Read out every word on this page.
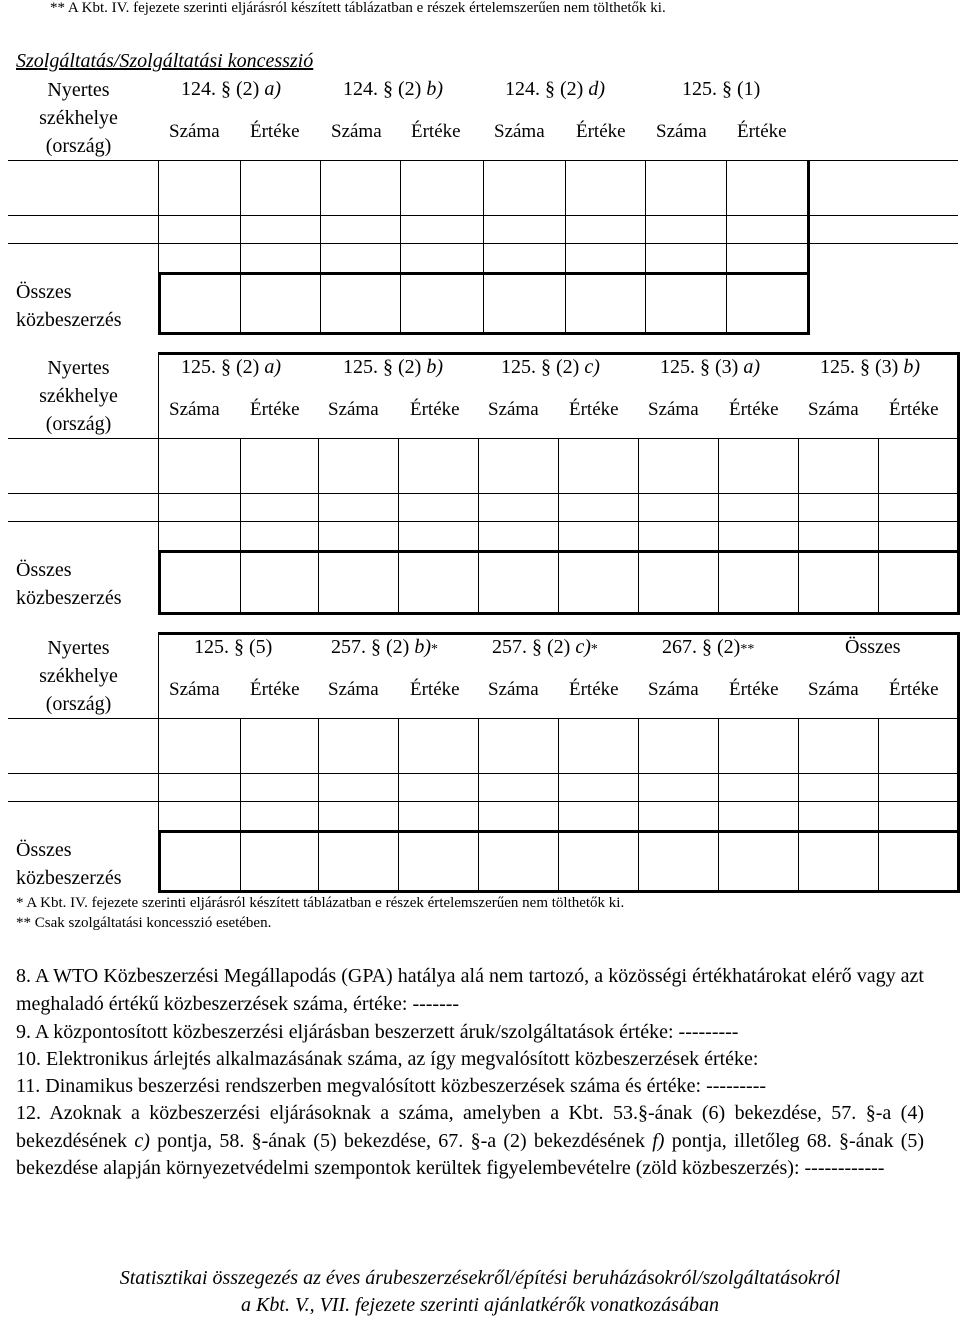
** A Kbt. IV. fejezete szerinti eljárásról készített táblázatban e részek értelemszerűen nem tölthetők ki.
Szolgáltatás/Szolgáltatási koncesszió
Nyertes
székhelye
(ország)
124. § (2) a)	124. § (2) b)	124. § (2) d)	125. § (1)
Száma Értéke Száma Értéke Száma Értéke Száma Értéke
Összes
közbeszerzés
Nyertes
székhelye
(ország)
125. § (2) a)	125. § (2) b)	125. § (2) c)	125. § (3) a)	125. § (3) b)
Száma Értéke Száma Értéke Száma Értéke Száma Értéke Száma Értéke
Összes
közbeszerzés
Nyertes
székhelye
(ország)
125. § (5)	257. § (2) b)*	257. § (2) c)*	267. § (2)**	Összes
Száma Értéke Száma Értéke Száma Értéke Száma Értéke Száma Értéke
Összes
közbeszerzés
* A Kbt. IV. fejezete szerinti eljárásról készített táblázatban e részek értelemszerűen nem tölthetők ki.
** Csak szolgáltatási koncesszió esetében.
8. A WTO Közbeszerzési Megállapodás (GPA) hatálya alá nem tartozó, a közösségi értékhatárokat elérő vagy azt meghaladó értékű közbeszerzések száma, értéke: -------
9. A központosított közbeszerzési eljárásban beszerzett áruk/szolgáltatások értéke: ---------
10. Elektronikus árlejtés alkalmazásának száma, az így megvalósított közbeszerzések értéke:
11. Dinamikus beszerzési rendszerben megvalósított közbeszerzések száma és értéke: ---------
12. Azoknak a közbeszerzési eljárásoknak a száma, amelyben a Kbt. 53.§-ának (6) bekezdése, 57. §-a (4) bekezdésének c) pontja, 58. §-ának (5) bekezdése, 67. §-a (2) bekezdésének f) pontja, illetőleg 68. §-ának (5) bekezdése alapján környezetvédelmi szempontok kerültek figyelembevételre (zöld közbeszerzés): ------------
Statisztikai összegezés az éves árubeszerzésekről/építési beruházásokról/szolgáltatásokról
a Kbt. V., VII. fejezete szerinti ajánlatkérők vonatkozásában
